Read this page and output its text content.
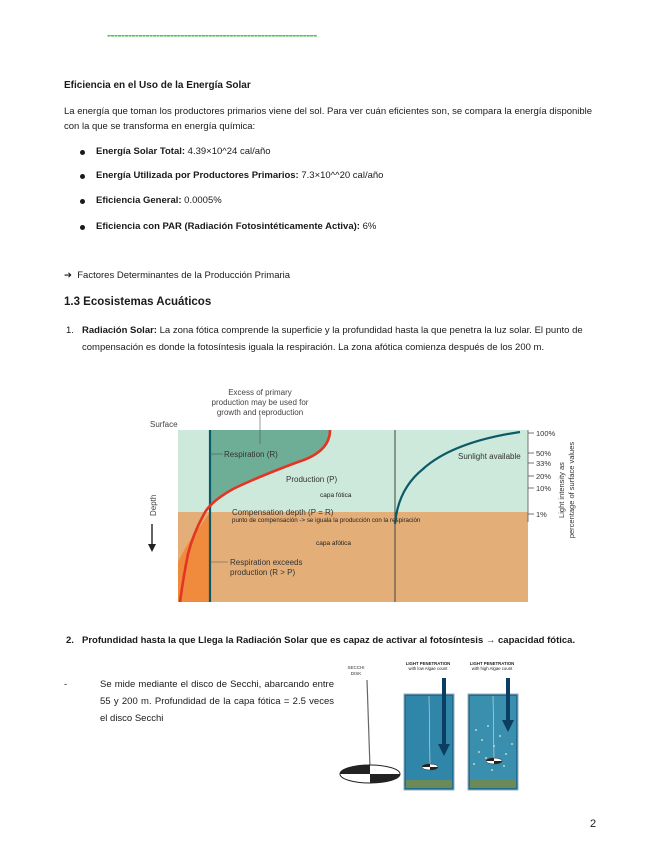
------------------------------------------------------------
Eficiencia en el Uso de la Energía Solar
La energía que toman los productores primarios viene del sol. Para ver cuán eficientes son, se compara la energía disponible con la que se transforma en energía química:
Energía Solar Total: 4.39×10^24 cal/año
Energía Utilizada por Productores Primarios: 7.3×10^^20 cal/año
Eficiencia General: 0.0005%
Eficiencia con PAR (Radiación Fotosintéticamente Activa): 6%
➔ Factores Determinantes de la Producción Primaria
1.3 Ecosistemas Acuáticos
1. Radiación Solar: La zona fótica comprende la superficie y la profundidad hasta la que penetra la luz solar. El punto de compensación es donde la fotosíntesis iguala la respiración. La zona afótica comienza después de los 200 m.
Excess of primary
production may be used for
growth and reproduction
Surface
Depth
Respiration (R)
Production (P)
capa fótica
Compensation depth (P = R)
punto de compensación -> se iguala la producción con la respiración
capa afótica
Respiration exceeds
production (R > P)
Sunlight available
100%
50%
33%
20%
10%
1% Light intensity as percentage of surface values
2. Profundidad hasta la que Llega la Radiación Solar que es capaz de activar al fotosíntesis → capacidad fótica.
-	Se mide mediante el disco de Secchi, abarcando entre 55 y 200 m. Profundidad de la capa fótica = 2.5 veces el disco Secchi
SECCHI
DISK
LIGHT PENETRATION
with low Algae count
LIGHT PENETRATION
with high Algae count
2
